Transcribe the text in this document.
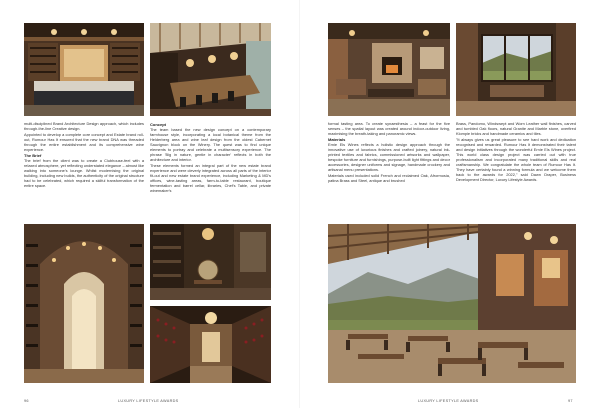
multi-disciplined Brand Architecture Design approach, which includes through-the-line Creative design.

Appointed to develop a complete core concept and Estate brand roll-out, Rumour Has It ensured that the new brand DNA was threaded through the entire establishment and its comprehensive wine experience.

The Brief

The brief from the client was to create a Clubhouse-feel with a relaxed atmosphere, yet reflecting understated elegance – almost like walking into someone's lounge. Whilst modernising the original building, including new builds, the authenticity of the original structure had to be celebrated, which required a skilful transformation of the entire space.

Concept

The team based the new design concept on a contemporary farmhouse style, incorporating a local botanical theme from the Helderberg area and wine leaf design from the oldest Cabernet Sauvignon block on the Winery. The quest was to find unique elements to portray and celebrate a multisensory experience. The phrase 'Big in nature, gentle in character' reflects in both the architecture and interior.

These elements formed an integral part of the new estate brand experience and were cleverly integrated across all parts of the interior fit-out and new estate brand experience, including Marketing & MD's offices, wine-tasting areas, farm-to-table restaurant, boutique fermentation and barrel cellar, libraries, Chef's Table, and private winemaker's

96	LUXURY LIFESTYLE AWARDS

formal tasting area. To create synaesthesia – a feast for the five senses – the spatial layout was created around indoor-outdoor living, maximising the breath-taking and panoramic views.

Materials

Ernie Els Wines reflects a holistic design approach through the innovative use of luxurious finishes and crafted joinery, natural ink-printed textiles and fabrics, commissioned artworks and wallpaper, bespoke furniture and furnishings, purpose-built light fittings and decor accessories, designer uniforms and signage, handmade crockery and artisanal menu presentations.

Materials used included solid French and reclaimed Oak, Afrormosia, patina Brass and Steel, antique and brushed

Brass, Pandomo, Windswept and Worn Leather wall finishes, carved and tumbled Oak floors, natural Granite and Marble stone, overfired Klompie bricks and handmade ceramics and tiles.

"It always gives us great pleasure to see hard work and dedication recognised and rewarded. Rumour Has It demonstrated their talent and design initiatives through the wonderful Ernie Els Wines project. This world class design project was carried out with true professionalism and incorporated many traditional skills and real craftsmanship. We congratulate the whole team of Rumour Has It. They have certainly found a winning formula and we welcome them back to the awards for 2022," said Dawn Draper, Business Development Director, Luxury Lifestyle Awards.

LUXURY LIFESTYLE AWARDS	97
